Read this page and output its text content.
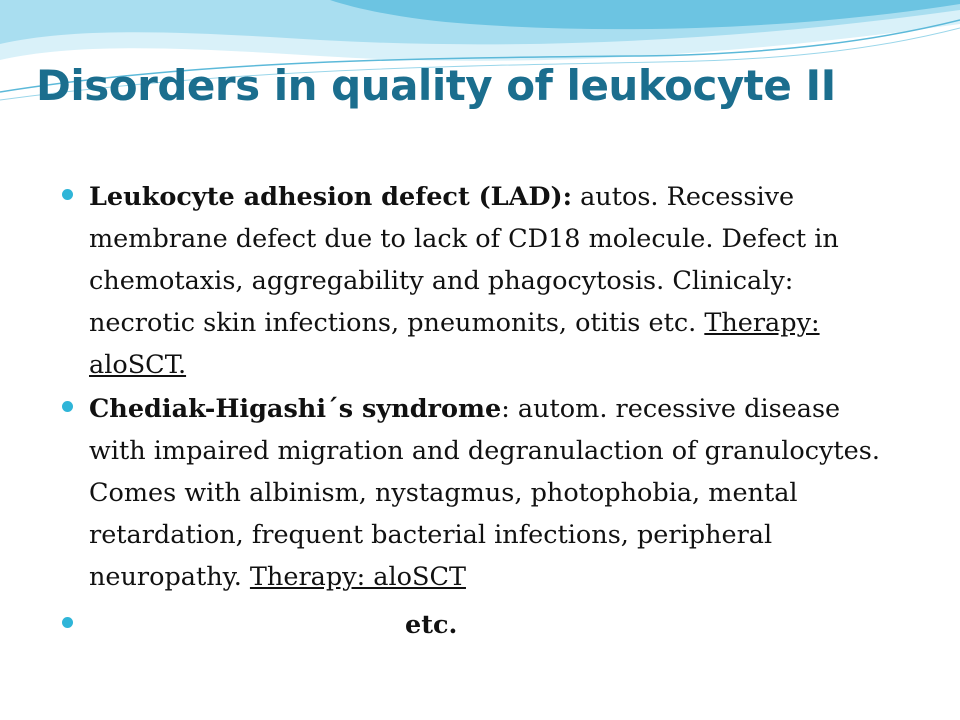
Disorders in quality of leukocyte II
Leukocyte adhesion defect (LAD): autos. Recessive membrane defect due to lack of CD18 molecule. Defect in chemotaxis, aggregability and phagocytosis. Clinicaly: necrotic skin infections, pneumonits, otitis etc. Therapy: aloSCT.
Chediak-Higashi´s syndrome: autom. recessive disease with impaired migration and degranulaction of granulocytes. Comes with albinism, nystagmus, photophobia, mental retardation, frequent bacterial infections, peripheral neuropathy. Therapy: aloSCT
etc.
